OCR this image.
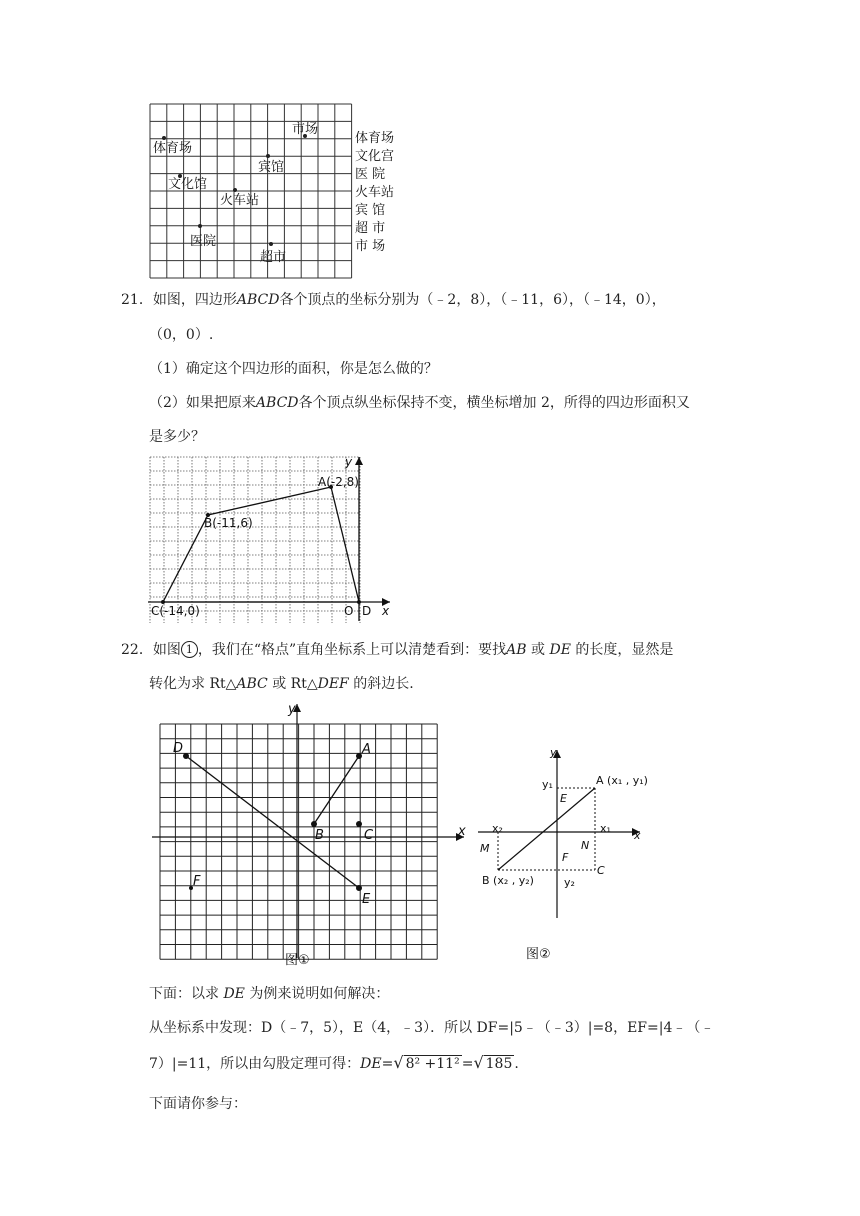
体育场
文化馆
宾馆
火车站
医院
超市
市场
体育场
文化宫
医 院
火车站
宾 馆
超 市
市 场
21．如图，四边形ABCD各个顶点的坐标分别为（﹣2，8），（﹣11，6），（﹣14，0），
（0，0）.
（1）确定这个四边形的面积，你是怎么做的？
（2）如果把原来ABCD各个顶点纵坐标保持不变，横坐标增加 2，所得的四边形面积又
是多少？
A(-2,8)
B(-11,6)
C(-14,0)	O D x
y
22．如图 1 ，我们在“格点”直角坐标系上可以清楚看到：要找AB 或 DE 的长度，显然是
转化为求 Rt△ABC 或 Rt△DEF 的斜边长.
D	A
B	C
E
F
x
y
图①
y
x
A (x₁ , y₁)
B (x₂ , y₂)
E
F
M	N
C
x₁
x₂
y₁
y₂
图②
下面：以求 DE 为例来说明如何解决：
从坐标系中发现：D（﹣7，5），E（4，﹣3）．所以 DF=|5﹣（﹣3）|=8，EF=|4﹣（﹣
7）|=11，所以由勾股定理可得：DE=√ 8² +11² =√ 185 .
下面请你参与：
